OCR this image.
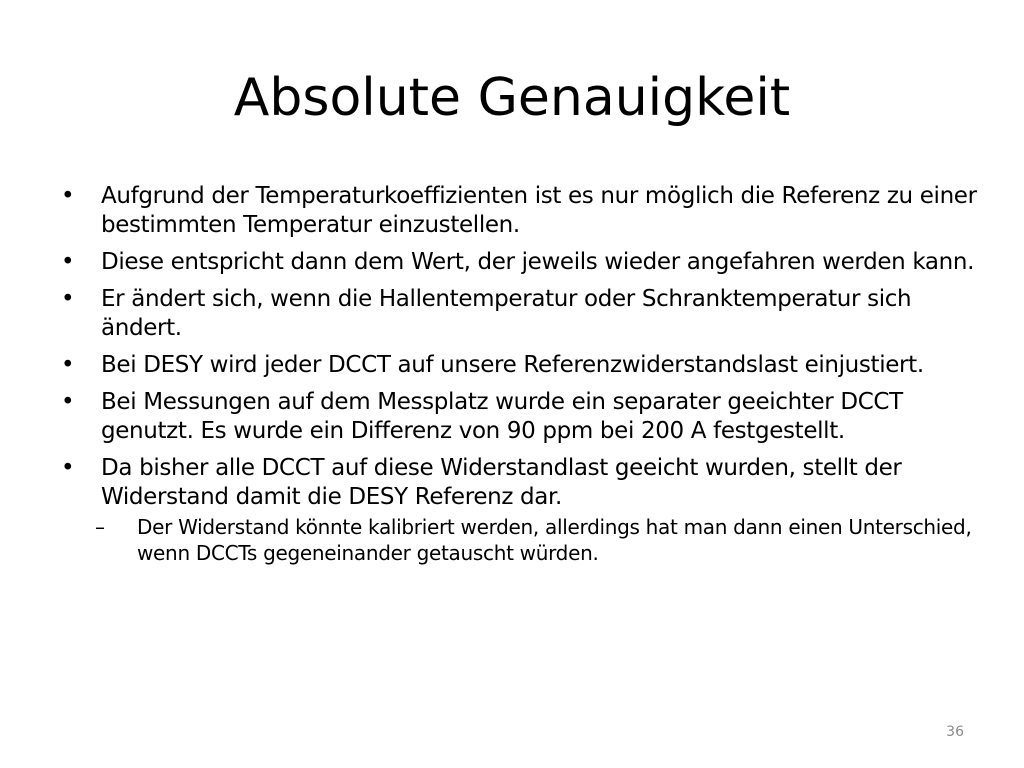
Absolute Genauigkeit
•	Aufgrund der Temperaturkoeffizienten ist es nur möglich die Referenz zu einer bestimmten Temperatur einzustellen.
•	Diese entspricht dann dem Wert, der jeweils wieder angefahren werden kann.
•	Er ändert sich, wenn die Hallentemperatur oder Schranktemperatur sich ändert.
•	Bei DESY wird jeder DCCT auf unsere Referenzwiderstandslast einjustiert.
•	Bei Messungen auf dem Messplatz wurde ein separater geeichter DCCT genutzt. Es wurde ein Differenz von 90 ppm bei 200 A festgestellt.
•	Da bisher alle DCCT auf diese Widerstandlast geeicht wurden, stellt der Widerstand damit die DESY Referenz dar.
–	Der Widerstand könnte kalibriert werden, allerdings hat man dann einen Unterschied, wenn DCCTs gegeneinander getauscht würden.
36
